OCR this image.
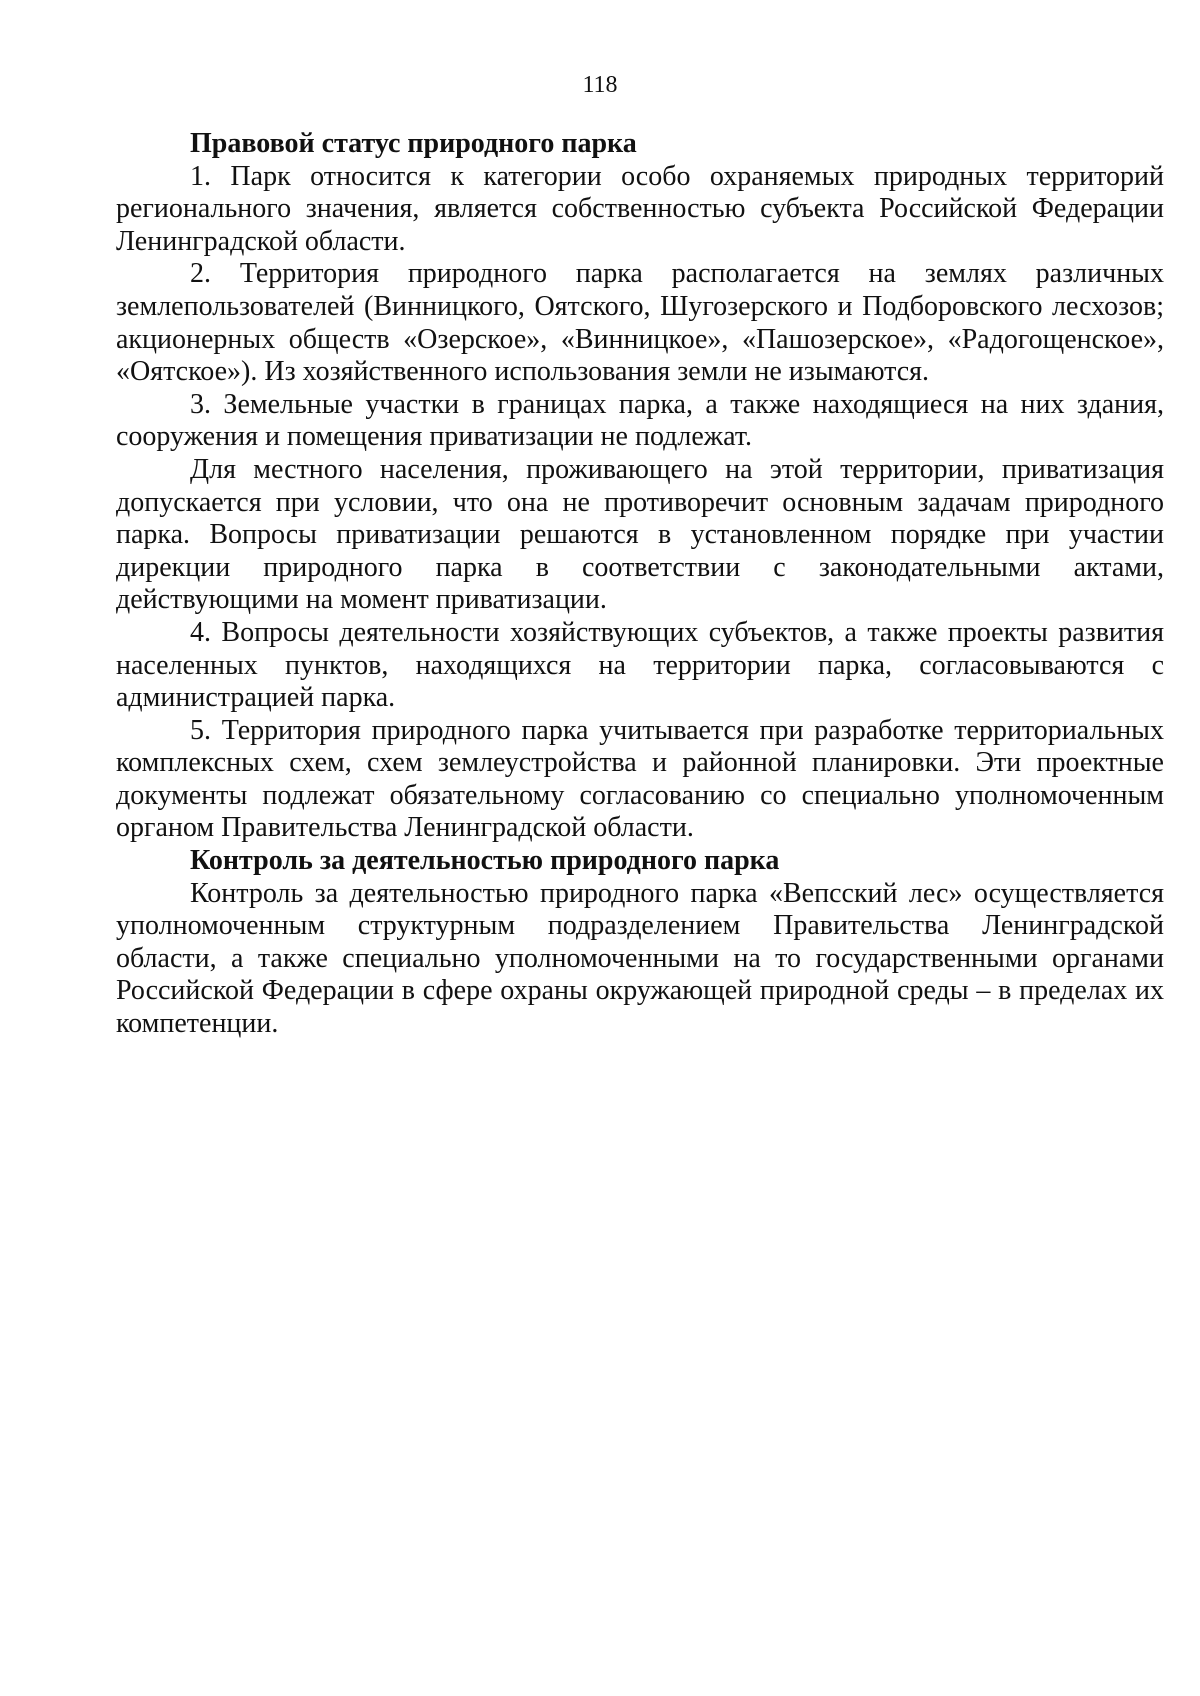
118

Правовой статус природного парка

1. Парк относится к категории особо охраняемых природных территорий регионального значения, является собственностью субъекта Российской Федерации Ленинградской области.

2. Территория природного парка располагается на землях различных землепользователей (Винницкого, Оятского, Шугозерского и Подборовского лесхозов; акционерных обществ «Озерское», «Винницкое», «Пашозерское», «Радогощенское», «Оятское»). Из хозяйственного использования земли не изымаются.

3. Земельные участки в границах парка, а также находящиеся на них здания, сооружения и помещения приватизации не подлежат.

Для местного населения, проживающего на этой территории, приватизация допускается при условии, что она не противоречит основным задачам природного парка. Вопросы приватизации решаются в установленном порядке при участии дирекции природного парка в соответствии с законодательными актами, действующими на момент приватизации.

4. Вопросы деятельности хозяйствующих субъектов, а также проекты развития населенных пунктов, находящихся на территории парка, согласовываются с администрацией парка.

5. Территория природного парка учитывается при разработке территориальных комплексных схем, схем землеустройства и районной планировки. Эти проектные документы подлежат обязательному согласованию со специально уполномоченным органом Правительства Ленинградской области.

Контроль за деятельностью природного парка

Контроль за деятельностью природного парка «Вепсский лес» осуществляется уполномоченным структурным подразделением Правительства Ленинградской области, а также специально уполномоченными на то государственными органами Российской Федерации в сфере охраны окружающей природной среды – в пределах их компетенции.
